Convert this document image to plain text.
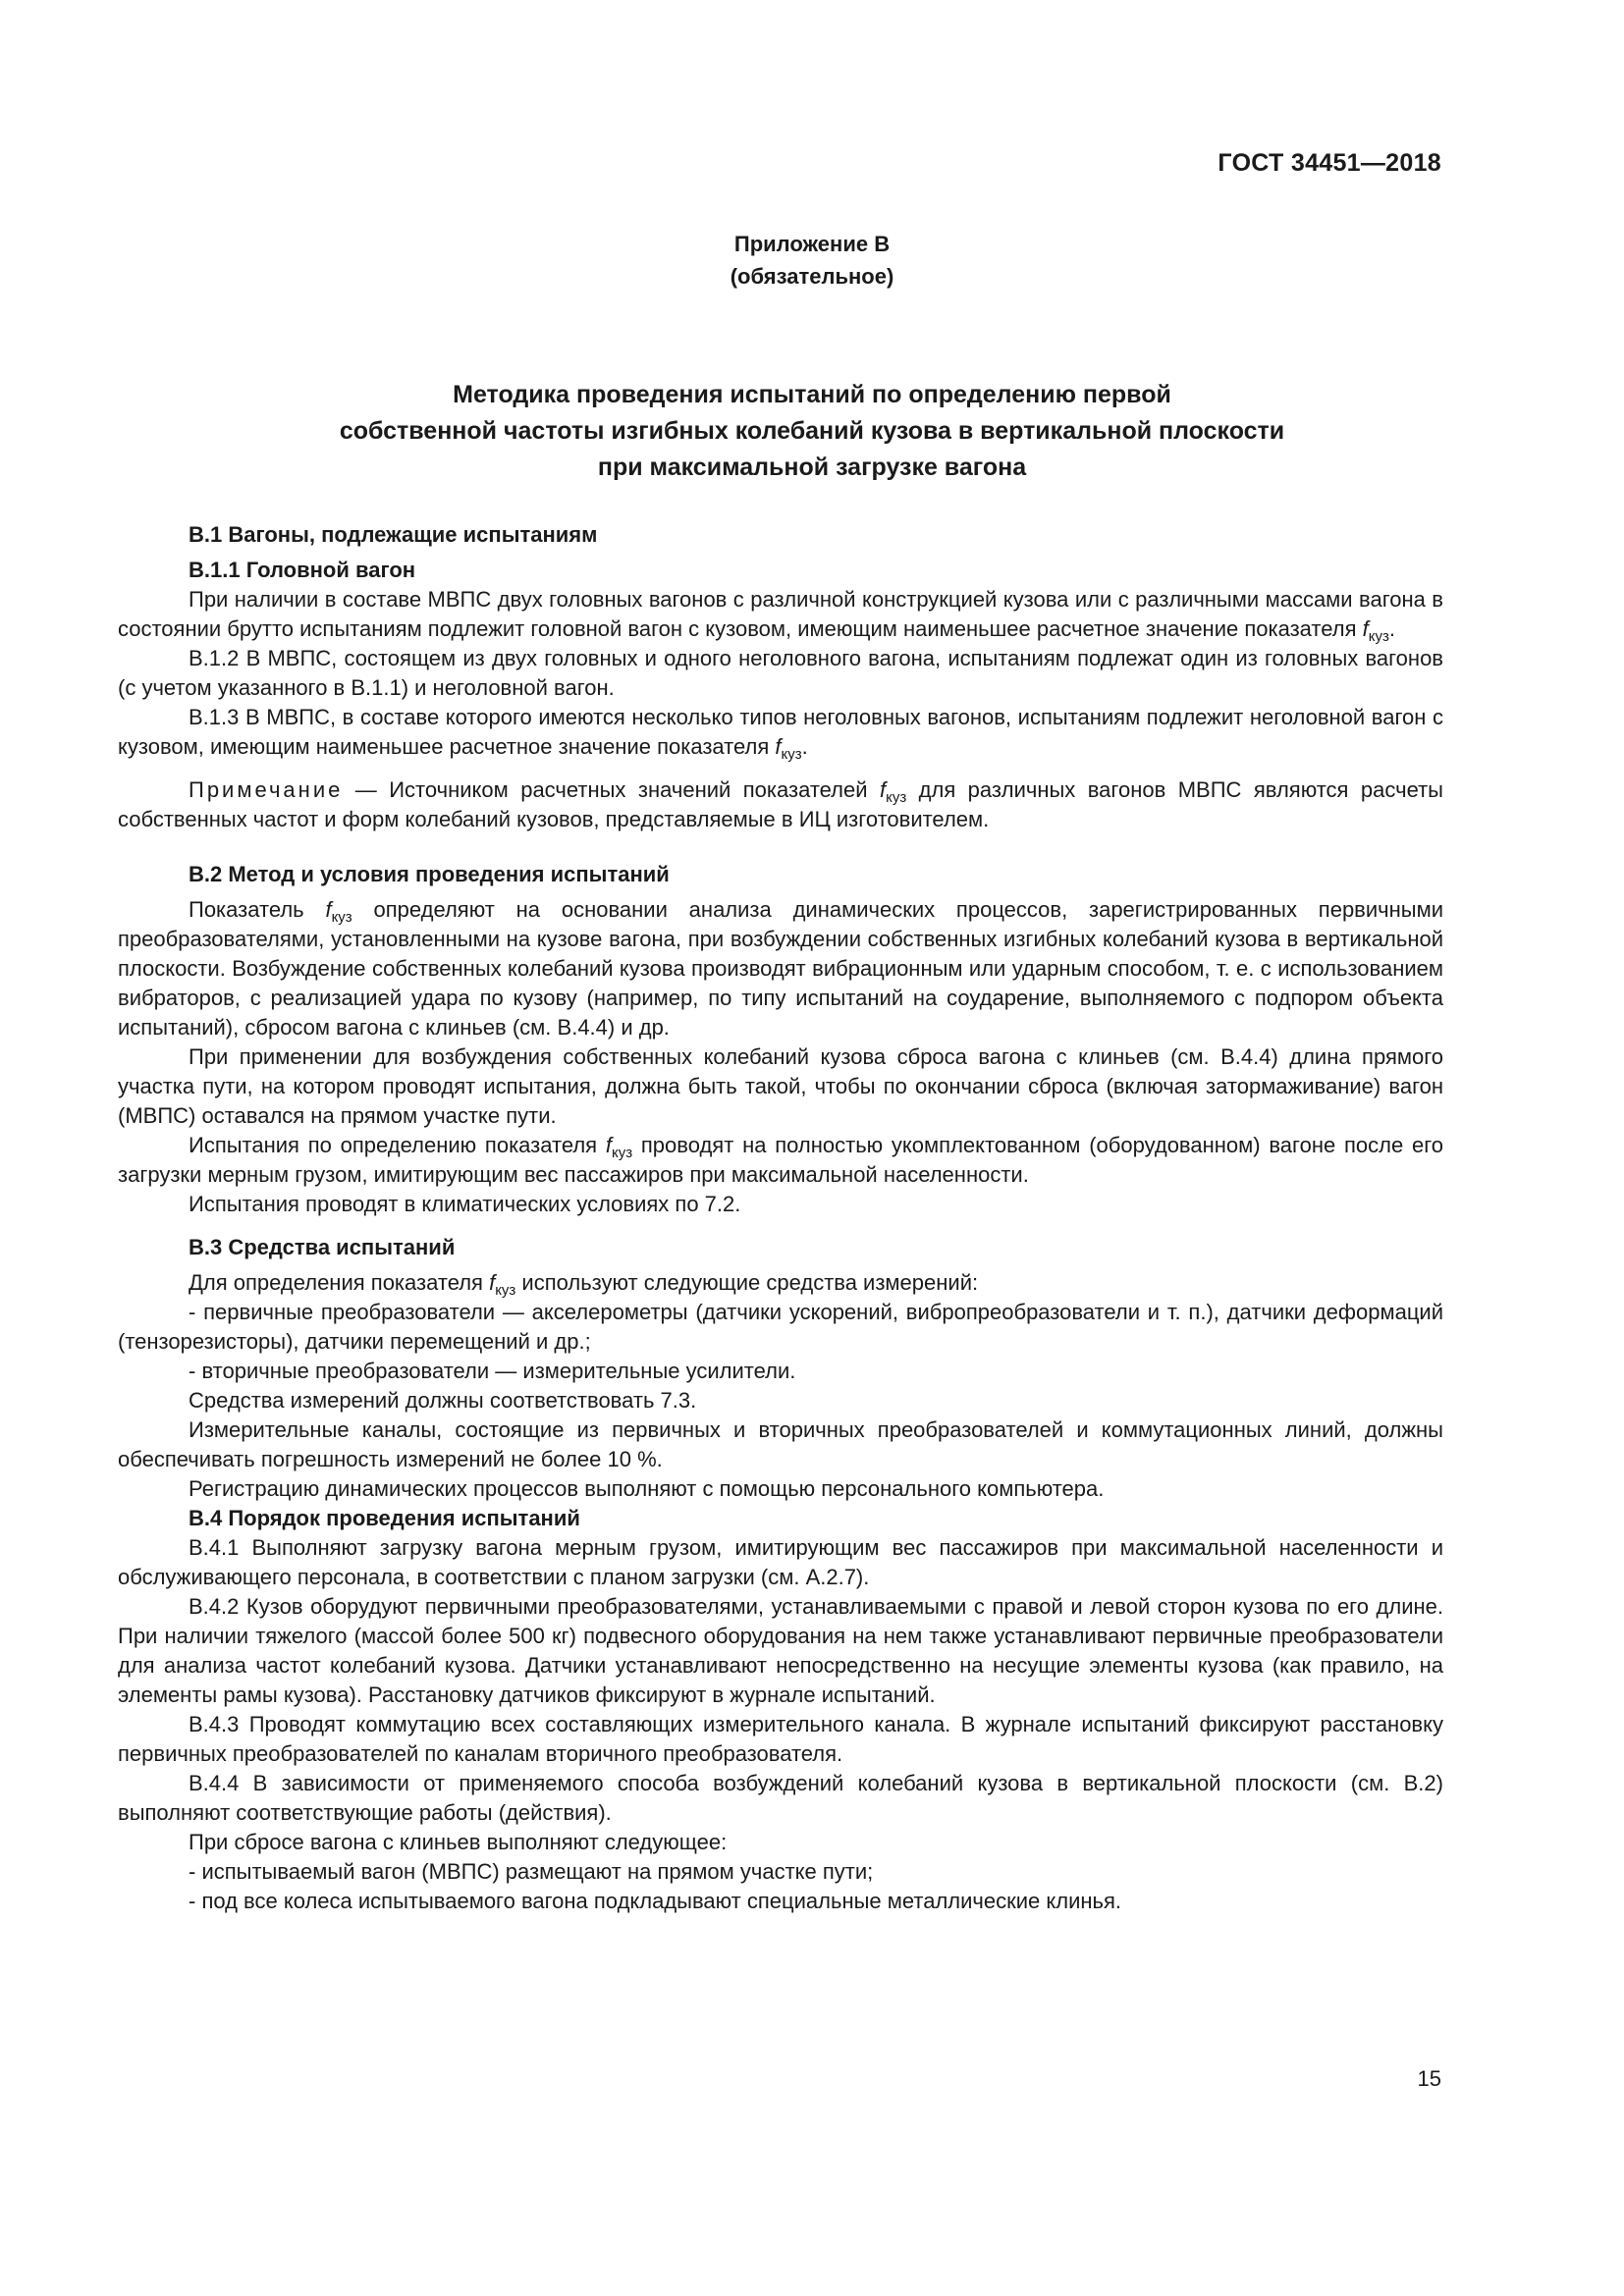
ГОСТ 34451—2018
Приложение В
(обязательное)
Методика проведения испытаний по определению первой
собственной частоты изгибных колебаний кузова в вертикальной плоскости
при максимальной загрузке вагона
В.1 Вагоны, подлежащие испытаниям
В.1.1 Головной вагон

При наличии в составе МВПС двух головных вагонов с различной конструкцией кузова или с различными массами вагона в состоянии брутто испытаниям подлежит головной вагон с кузовом, имеющим наименьшее расчетное значение показателя $f_{куз}$.

В.1.2 В МВПС, состоящем из двух головных и одного неголовного вагона, испытаниям подлежат один из головных вагонов (с учетом указанного в В.1.1) и неголовной вагон.

В.1.3 В МВПС, в составе которого имеются несколько типов неголовных вагонов, испытаниям подлежит неголовной вагон с кузовом, имеющим наименьшее расчетное значение показателя $f_{куз}$.

Примечание — Источником расчетных значений показателей $f_{куз}$ для различных вагонов МВПС являются расчеты собственных частот и форм колебаний кузовов, представляемые в ИЦ изготовителем.

В.2 Метод и условия проведения испытаний

Показатель $f_{куз}$ определяют на основании анализа динамических процессов, зарегистрированных первичными преобразователями, установленными на кузове вагона, при возбуждении собственных изгибных колебаний кузова в вертикальной плоскости. Возбуждение собственных колебаний кузова производят вибрационным или ударным способом, т. е. с использованием вибраторов, с реализацией удара по кузову (например, по типу испытаний на соударение, выполняемого с подпором объекта испытаний), сбросом вагона с клиньев (см. В.4.4) и др.

При применении для возбуждения собственных колебаний кузова сброса вагона с клиньев (см. В.4.4) длина прямого участка пути, на котором проводят испытания, должна быть такой, чтобы по окончании сброса (включая затормаживание) вагон (МВПС) оставался на прямом участке пути.

Испытания по определению показателя $f_{куз}$ проводят на полностью укомплектованном (оборудованном) вагоне после его загрузки мерным грузом, имитирующим вес пассажиров при максимальной населенности.

Испытания проводят в климатических условиях по 7.2.

В.3 Средства испытаний

Для определения показателя $f_{куз}$ используют следующие средства измерений:

- первичные преобразователи — акселерометры (датчики ускорений, вибропреобразователи и т. п.), датчики деформаций (тензорезисторы), датчики перемещений и др.;

- вторичные преобразователи — измерительные усилители.

Средства измерений должны соответствовать 7.3.

Измерительные каналы, состоящие из первичных и вторичных преобразователей и коммутационных линий, должны обеспечивать погрешность измерений не более 10 %.

Регистрацию динамических процессов выполняют с помощью персонального компьютера.

В.4 Порядок проведения испытаний

В.4.1 Выполняют загрузку вагона мерным грузом, имитирующим вес пассажиров при максимальной населенности и обслуживающего персонала, в соответствии с планом загрузки (см. А.2.7).

В.4.2 Кузов оборудуют первичными преобразователями, устанавливаемыми с правой и левой сторон кузова по его длине. При наличии тяжелого (массой более 500 кг) подвесного оборудования на нем также устанавливают первичные преобразователи для анализа частот колебаний кузова. Датчики устанавливают непосредственно на несущие элементы кузова (как правило, на элементы рамы кузова). Расстановку датчиков фиксируют в журнале испытаний.

В.4.3 Проводят коммутацию всех составляющих измерительного канала. В журнале испытаний фиксируют расстановку первичных преобразователей по каналам вторичного преобразователя.

В.4.4 В зависимости от применяемого способа возбуждений колебаний кузова в вертикальной плоскости (см. В.2) выполняют соответствующие работы (действия).

При сбросе вагона с клиньев выполняют следующее:

- испытываемый вагон (МВПС) размещают на прямом участке пути;

- под все колеса испытываемого вагона подкладывают специальные металлические клинья.

15
